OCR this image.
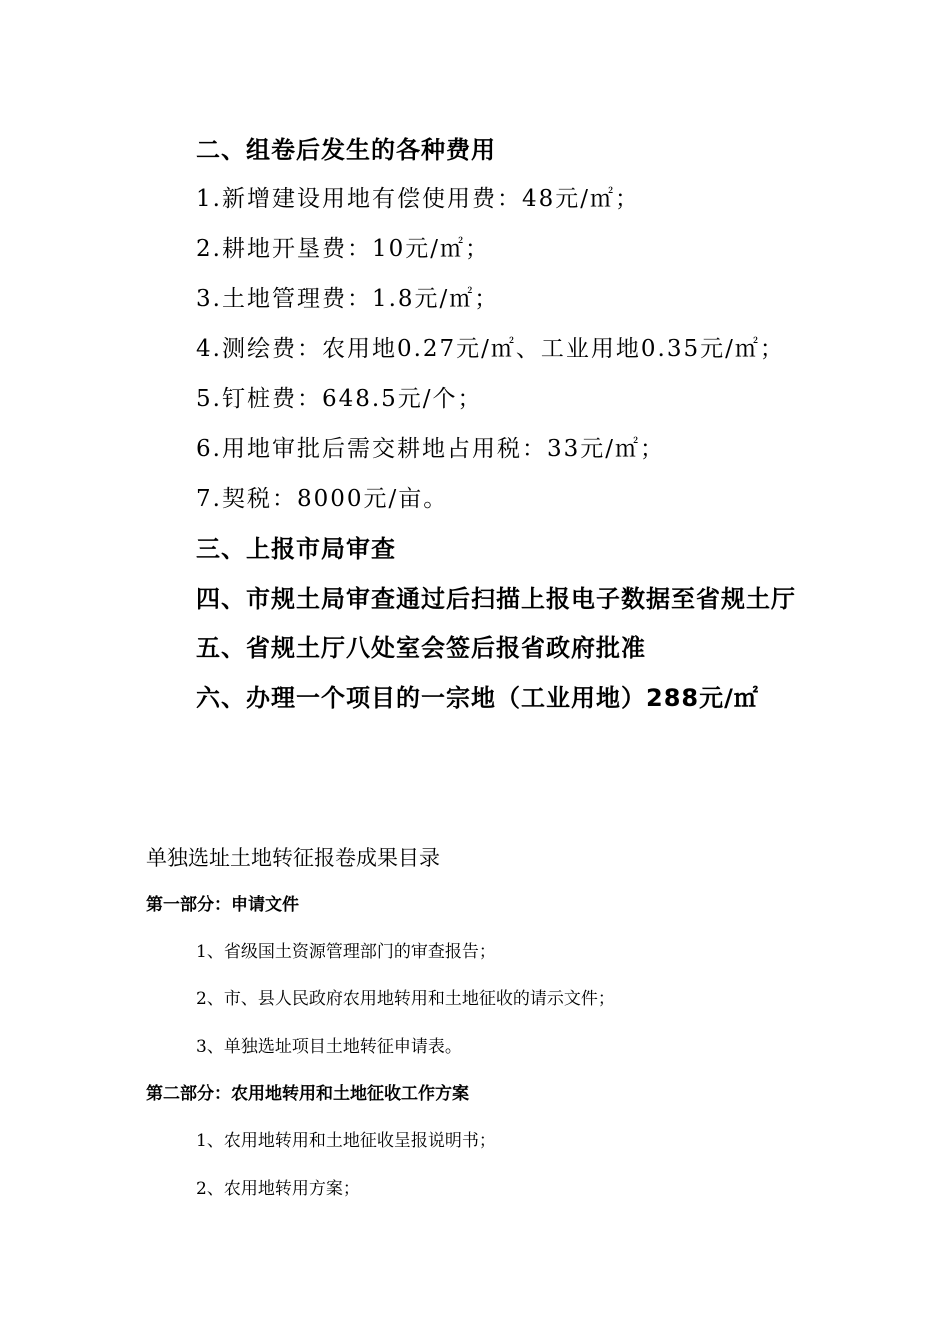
二、组卷后发生的各种费用
1.新增建设用地有偿使用费：48元/㎡；
2.耕地开垦费：10元/㎡；
3.土地管理费：1.8元/㎡；
4.测绘费：农用地0.27元/㎡、工业用地0.35元/㎡；
5.钉桩费：648.5元/个；
6.用地审批后需交耕地占用税：33元/㎡；
7.契税：8000元/亩。
三、上报市局审查
四、市规土局审查通过后扫描上报电子数据至省规土厅
五、省规土厅八处室会签后报省政府批准
六、办理一个项目的一宗地（工业用地）288元/㎡
单独选址土地转征报卷成果目录
第一部分：申请文件
1、省级国土资源管理部门的审查报告；
2、市、县人民政府农用地转用和土地征收的请示文件；
3、单独选址项目土地转征申请表。
第二部分：农用地转用和土地征收工作方案
1、农用地转用和土地征收呈报说明书；
2、农用地转用方案；
